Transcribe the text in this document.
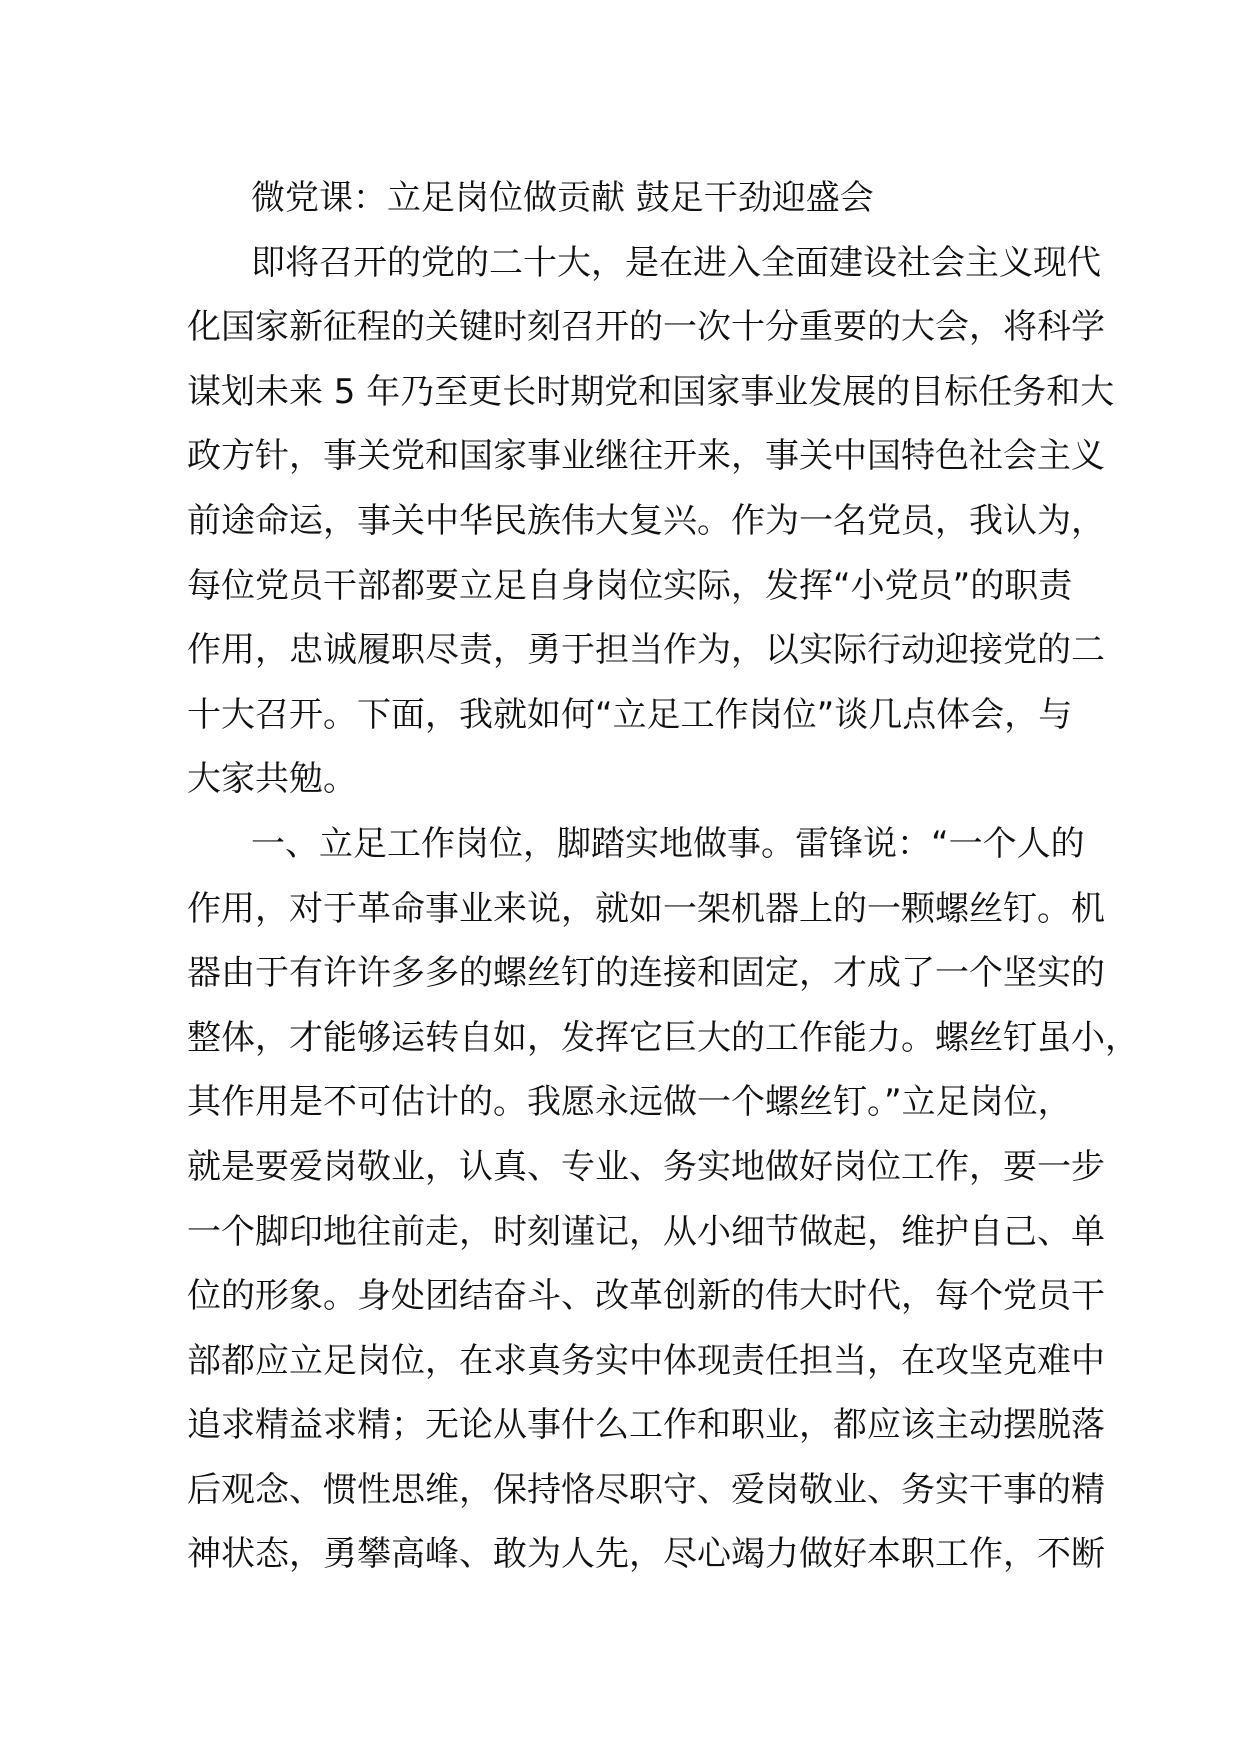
微党课：立足岗位做贡献 鼓足干劲迎盛会
即将召开的党的二十大，是在进入全面建设社会主义现代
化国家新征程的关键时刻召开的一次十分重要的大会，将科学
谋划未来 5 年乃至更长时期党和国家事业发展的目标任务和大
政方针，事关党和国家事业继往开来，事关中国特色社会主义
前途命运，事关中华民族伟大复兴。作为一名党员，我认为，
每位党员干部都要立足自身岗位实际，发挥“小党员”的职责
作用，忠诚履职尽责，勇于担当作为，以实际行动迎接党的二
十大召开。下面，我就如何“立足工作岗位”谈几点体会，与
大家共勉。
一、立足工作岗位，脚踏实地做事。雷锋说：“一个人的
作用，对于革命事业来说，就如一架机器上的一颗螺丝钉。机
器由于有许许多多的螺丝钉的连接和固定，才成了一个坚实的
整体，才能够运转自如，发挥它巨大的工作能力。螺丝钉虽小，
其作用是不可估计的。我愿永远做一个螺丝钉。”立足岗位，
就是要爱岗敬业，认真、专业、务实地做好岗位工作，要一步
一个脚印地往前走，时刻谨记，从小细节做起，维护自己、单
位的形象。身处团结奋斗、改革创新的伟大时代，每个党员干
部都应立足岗位，在求真务实中体现责任担当，在攻坚克难中
追求精益求精；无论从事什么工作和职业，都应该主动摆脱落
后观念、惯性思维，保持恪尽职守、爱岗敬业、务实干事的精
神状态，勇攀高峰、敢为人先，尽心竭力做好本职工作，不断
